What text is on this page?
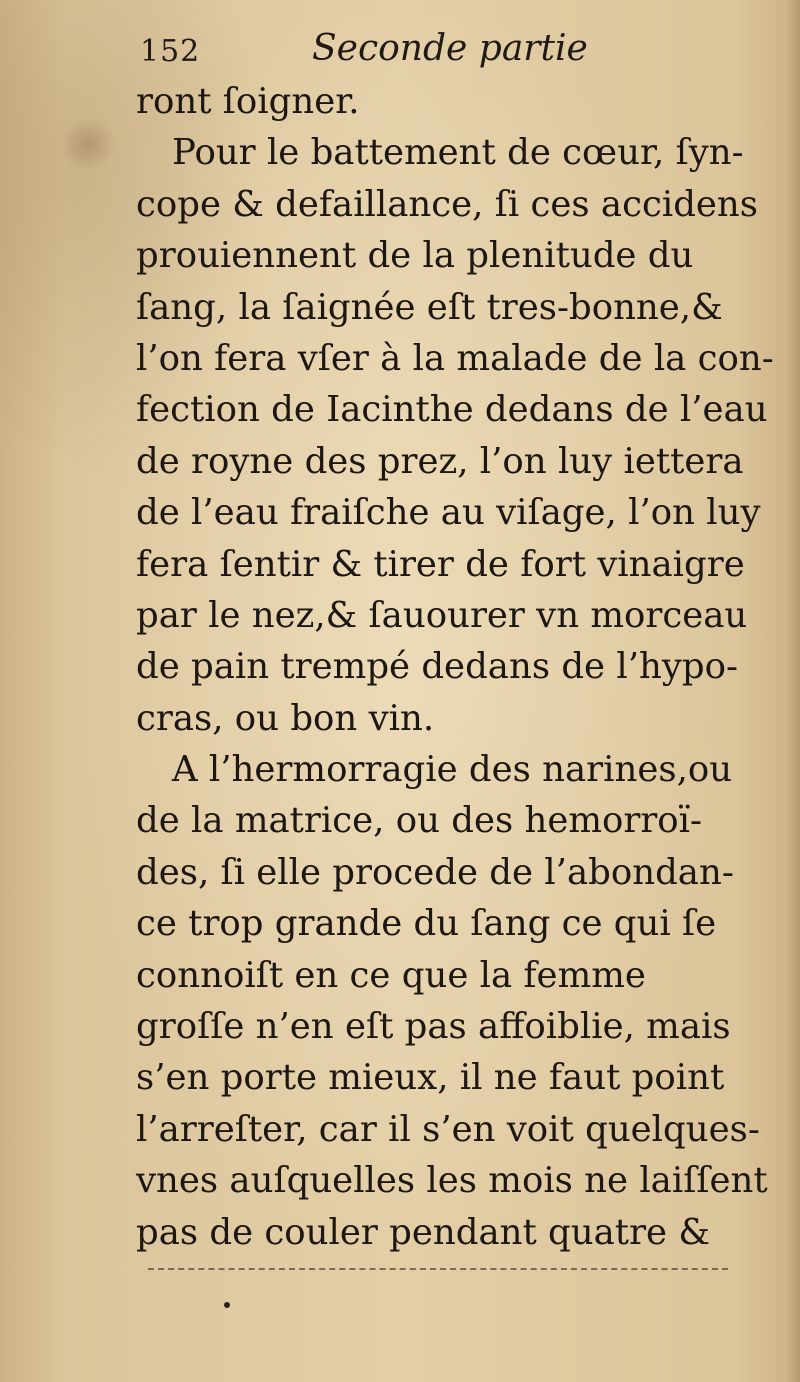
152	Seconde partie
ront ſoigner.
Pour le battement de cœur, ſyn-
cope & defaillance, ſi ces accidens
prouiennent de la plenitude du
ſang, la ſaignée eſt tres-bonne,&
l’on fera vſer à la malade de la con-
fection de Iacinthe dedans de l’eau
de royne des prez, l’on luy iettera
de l’eau fraiſche au viſage, l’on luy
fera ſentir & tirer de fort vinaigre
par le nez,& ſauourer vn morceau
de pain trempé dedans de l’hypo-
cras, ou bon vin.
A l’hermorragie des narines,ou
de la matrice, ou des hemorroï-
des, ſi elle procede de l’abondan-
ce trop grande du ſang ce qui ſe
connoiſt en ce que la femme
groſſe n’en eſt pas affoiblie, mais
s’en porte mieux, il ne faut point
l’arreſter, car il s’en voit quelques-
vnes auſquelles les mois ne laiſſent
pas de couler pendant quatre &
